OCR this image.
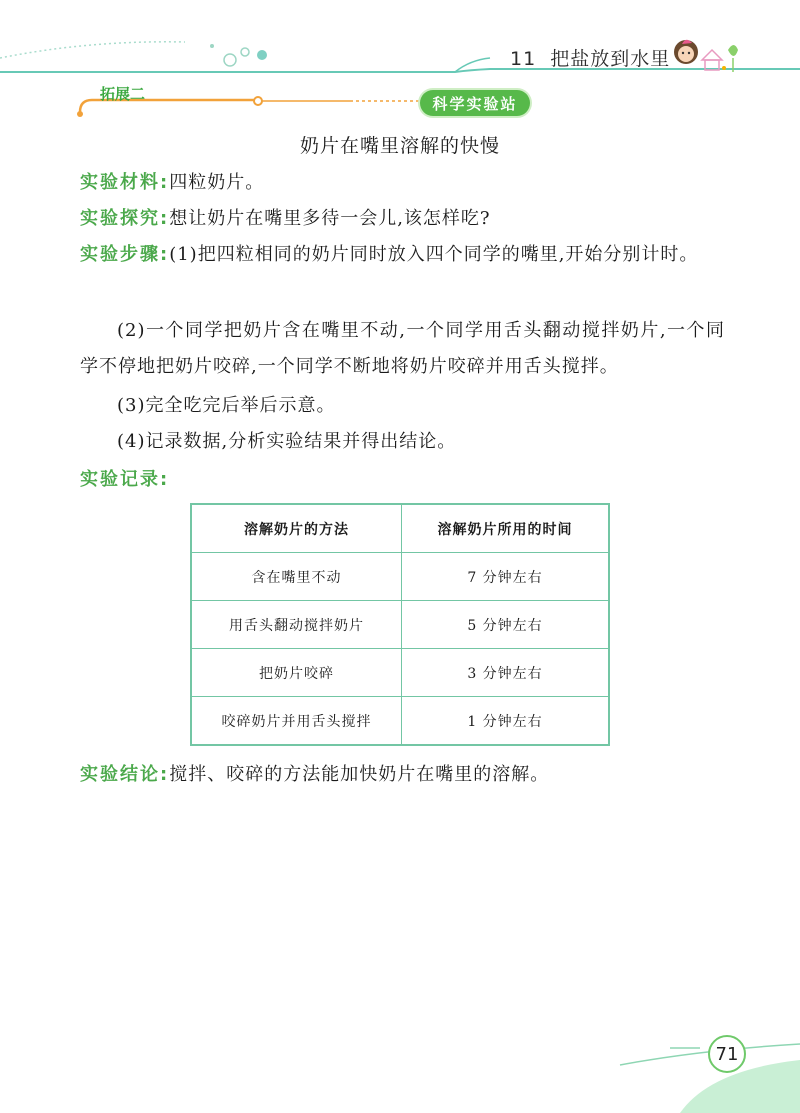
11 把盐放到水里
拓展二
科学实验站
奶片在嘴里溶解的快慢
实验材料:四粒奶片。
实验探究:想让奶片在嘴里多待一会儿,该怎样吃?
实验步骤:(1)把四粒相同的奶片同时放入四个同学的嘴里,开始分别计时。
(2)一个同学把奶片含在嘴里不动,一个同学用舌头翻动搅拌奶片,一个同学不停地把奶片咬碎,一个同学不断地将奶片咬碎并用舌头搅拌。
(3)完全吃完后举后示意。
(4)记录数据,分析实验结果并得出结论。
实验记录:
溶解奶片的方法	溶解奶片所用的时间
含在嘴里不动	7 分钟左右
用舌头翻动搅拌奶片	5 分钟左右
把奶片咬碎	3 分钟左右
咬碎奶片并用舌头搅拌	1 分钟左右
实验结论:搅拌、咬碎的方法能加快奶片在嘴里的溶解。
71
